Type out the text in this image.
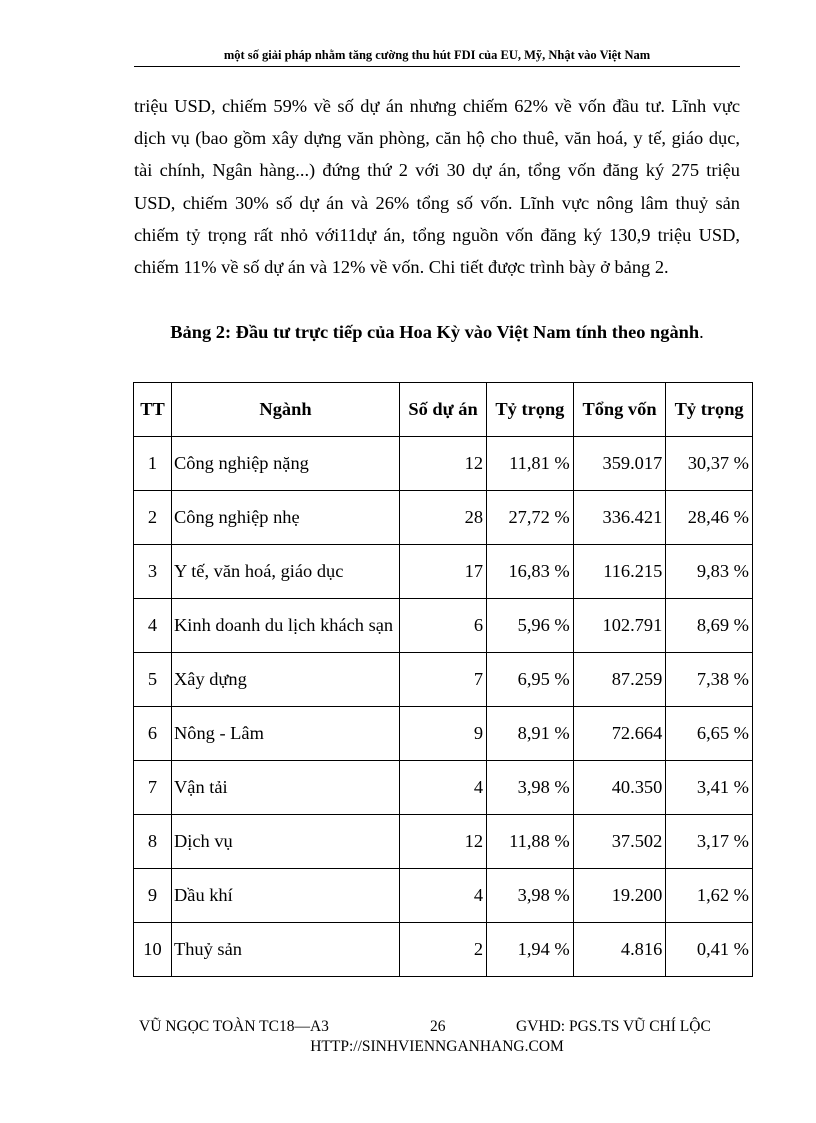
một số giải pháp nhằm tăng cường thu hút FDI của EU, Mỹ, Nhật vào Việt Nam

triệu USD, chiếm 59% về số dự án nhưng chiếm 62% về vốn đầu tư. Lĩnh vực dịch vụ (bao gồm xây dựng văn phòng, căn hộ cho thuê, văn hoá, y tế, giáo dục, tài chính, Ngân hàng...) đứng thứ 2 với 30 dự án, tổng vốn đăng ký 275 triệu USD, chiếm 30% số dự án và 26% tổng số vốn. Lĩnh vực nông lâm thuỷ sản chiếm tỷ trọng rất nhỏ với11dự án, tổng nguồn vốn đăng ký 130,9 triệu USD, chiếm 11% về số dự án và 12% về vốn. Chi tiết được trình bày ở bảng 2.

Bảng 2: Đầu tư trực tiếp của Hoa Kỳ vào Việt Nam tính theo ngành.
TT	Ngành	Số dự án	Tỷ trọng	Tổng vốn	Tỷ trọng
1	Công nghiệp nặng	12	11,81 %	359.017	30,37 %
2	Công nghiệp nhẹ	28	27,72 %	336.421	28,46 %
3	Y tế, văn hoá, giáo dục	17	16,83 %	116.215	9,83 %
4	Kinh doanh du lịch khách sạn	6	5,96 %	102.791	8,69 %
5	Xây dựng	7	6,95 %	87.259	7,38 %
6	Nông - Lâm	9	8,91 %	72.664	6,65 %
7	Vận tải	4	3,98 %	40.350	3,41 %
8	Dịch vụ	12	11,88 %	37.502	3,17 %
9	Dầu khí	4	3,98 %	19.200	1,62 %
10	Thuỷ sản	2	1,94 %	4.816	0,41 %
VŨ NGỌC TOÀN TC18—A3	26	GVHD: PGS.TS VŨ CHÍ LỘC
HTTP://SINHVIENNGANHANG.COM
